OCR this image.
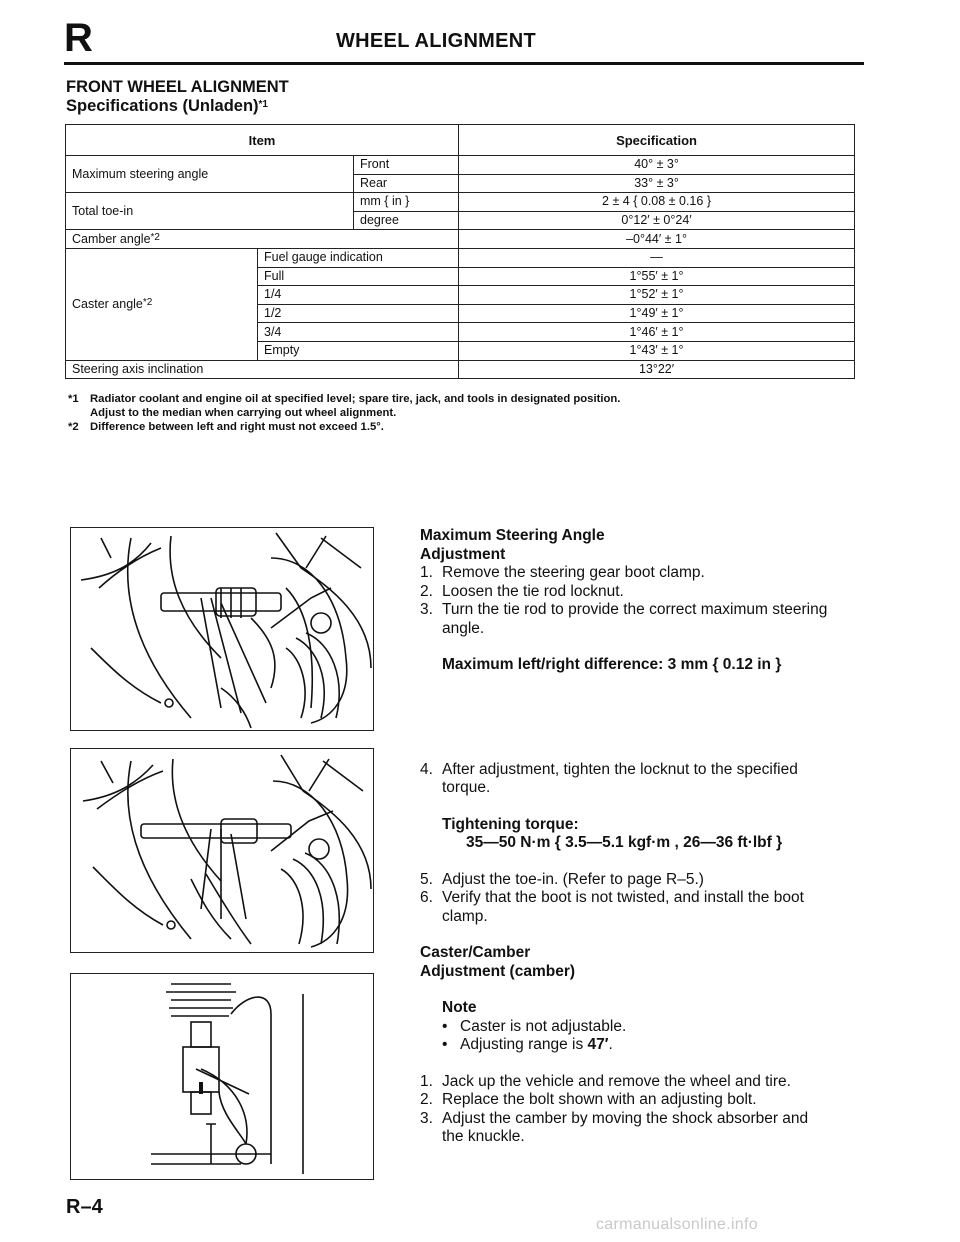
R	WHEEL ALIGNMENT
FRONT WHEEL ALIGNMENT
Specifications (Unladen)$^{*1}$
Item			Specification
Maximum steering angle		Front	40° ± 3°
		Rear	33° ± 3°
Total toe-in		mm { in }	2 ± 4 { 0.08 ± 0.16 }
		degree	0°12′ ± 0°24′
Camber angle$^{*2}$			–0°44′ ± 1°
Caster angle$^{*2}$	Fuel gauge indication		—
	Full		1°55′ ± 1°
	1/4		1°52′ ± 1°
	1/2		1°49′ ± 1°
	3/4		1°46′ ± 1°
	Empty		1°43′ ± 1°
Steering axis inclination			13°22′
*1	Radiator coolant and engine oil at specified level; spare tire, jack, and tools in designated position.
Adjust to the median when carrying out wheel alignment.
*2	Difference between left and right must not exceed 1.5°.
Maximum Steering Angle
Adjustment
1. Remove the steering gear boot clamp.
2. Loosen the tie rod locknut.
3. Turn the tie rod to provide the correct maximum steering
angle.
Maximum left/right difference: 3 mm { 0.12 in }
4. After adjustment, tighten the locknut to the specified
torque.
Tightening torque:
35—50 N·m { 3.5—5.1 kgf·m , 26—36 ft·lbf }
5. Adjust the toe-in. (Refer to page R–5.)
6. Verify that the boot is not twisted, and install the boot
clamp.
Caster/Camber
Adjustment (camber)
Note
• Caster is not adjustable.
• Adjusting range is 47′.
1. Jack up the vehicle and remove the wheel and tire.
2. Replace the bolt shown with an adjusting bolt.
3. Adjust the camber by moving the shock absorber and
the knuckle.
R–4
carmanualsonline.info
